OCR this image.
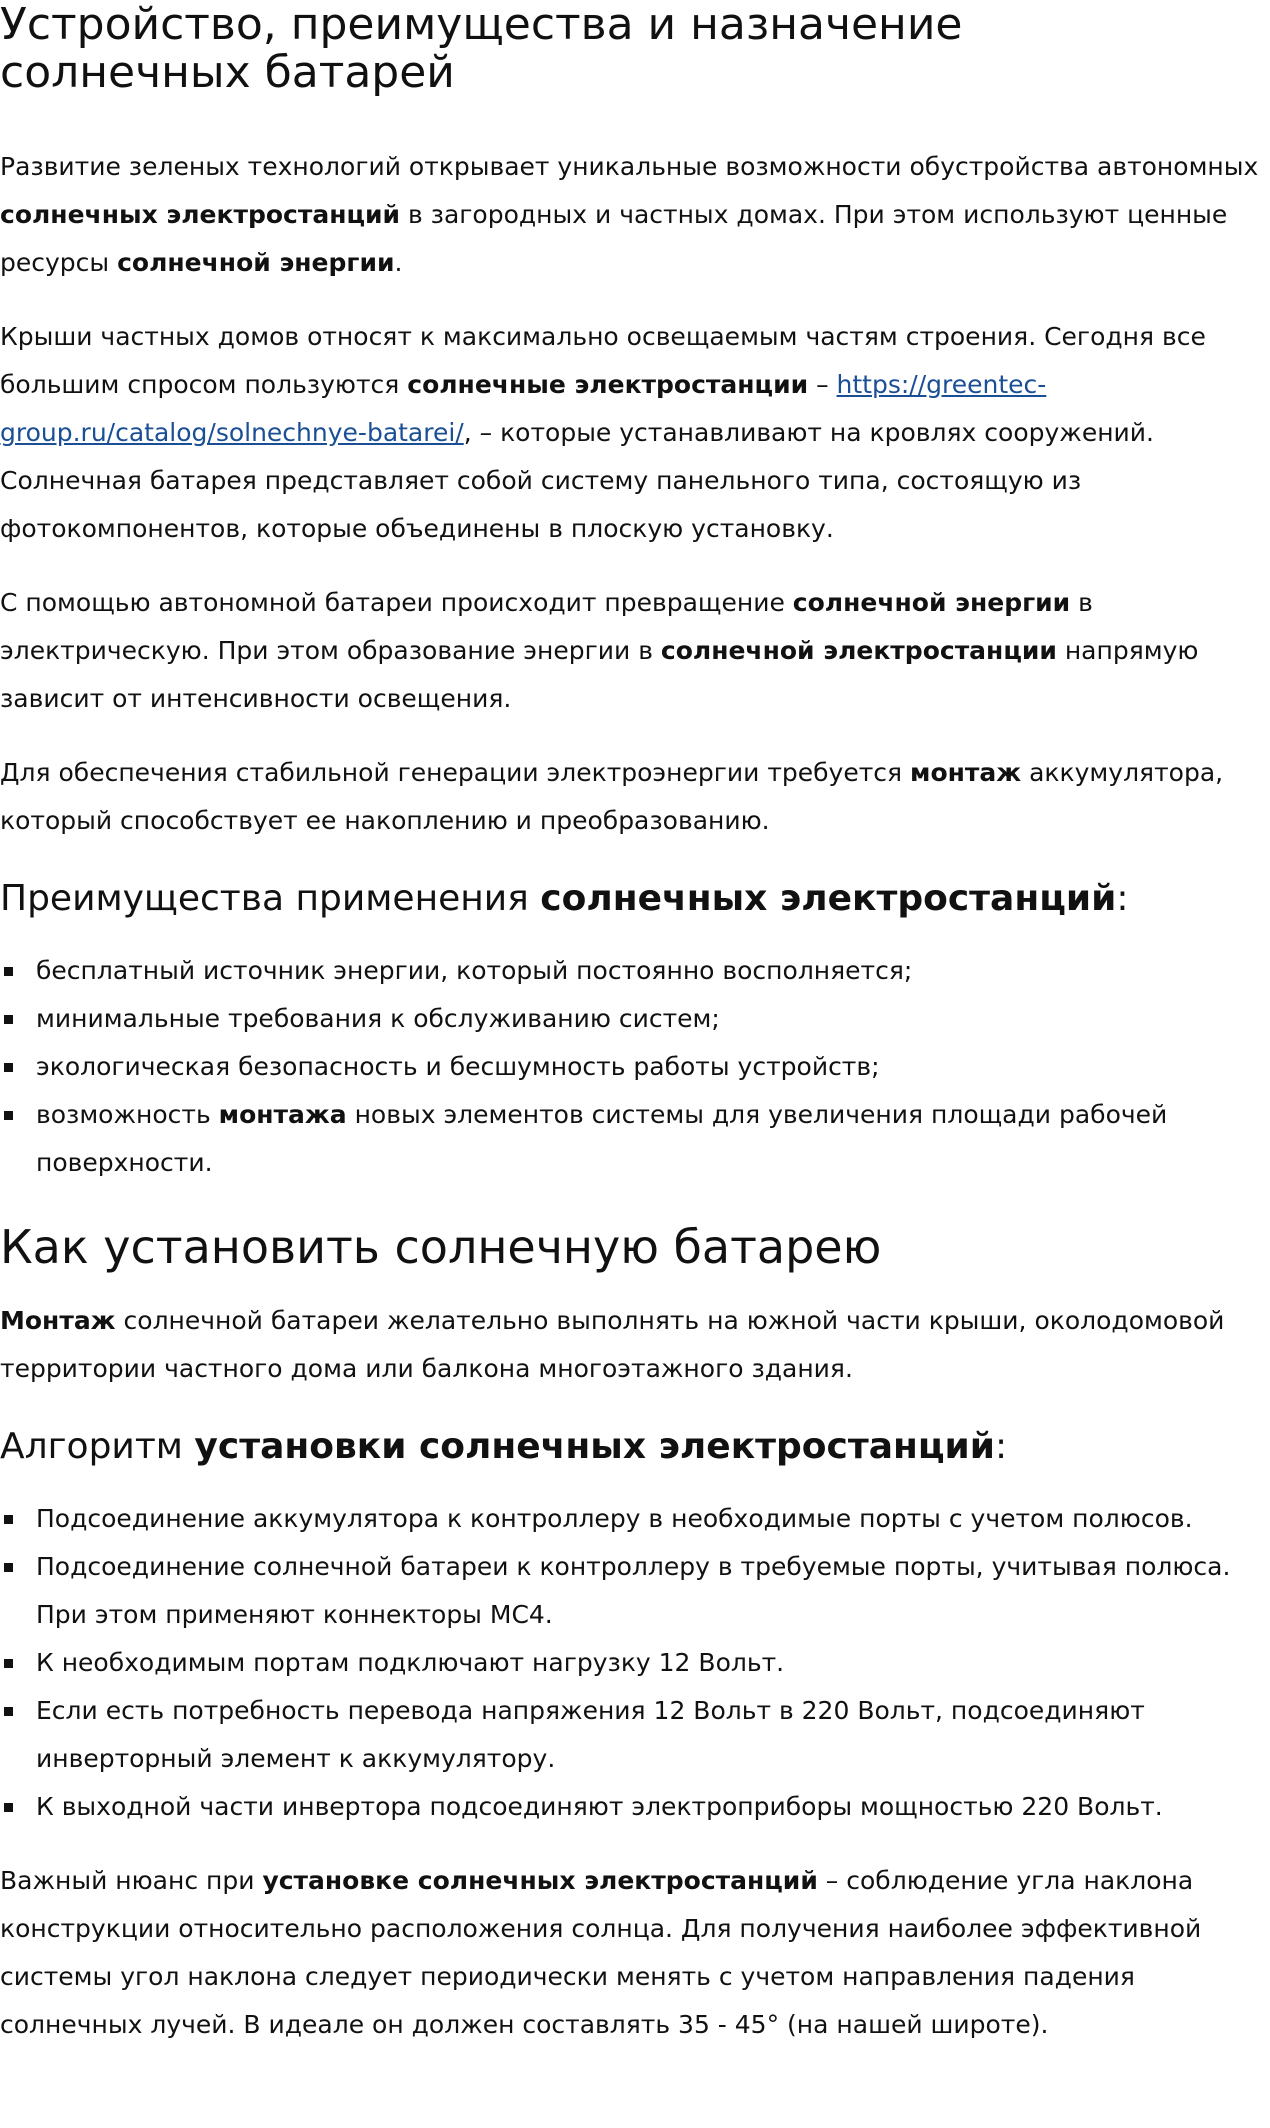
Устройство, преимущества и назначение
солнечных батарей

Развитие зеленых технологий открывает уникальные возможности обустройства автономных солнечных электростанций в загородных и частных домах. При этом используют ценные ресурсы солнечной энергии.

Крыши частных домов относят к максимально освещаемым частям строения. Сегодня все большим спросом пользуются солнечные электростанции – https://greentec-group.ru/catalog/solnechnye-batarei/, – которые устанавливают на кровлях сооружений. Солнечная батарея представляет собой систему панельного типа, состоящую из фотокомпонентов, которые объединены в плоскую установку.

С помощью автономной батареи происходит превращение солнечной энергии в электрическую. При этом образование энергии в солнечной электростанции напрямую зависит от интенсивности освещения.

Для обеспечения стабильной генерации электроэнергии требуется монтаж аккумулятора, который способствует ее накоплению и преобразованию.

Преимущества применения солнечных электростанций:
бесплатный источник энергии, который постоянно восполняется;
минимальные требования к обслуживанию систем;
экологическая безопасность и бесшумность работы устройств;
возможность монтажа новых элементов системы для увеличения площади рабочей поверхности.
Как установить солнечную батарею

Монтаж солнечной батареи желательно выполнять на южной части крыши, околодомовой территории частного дома или балкона многоэтажного здания.

Алгоритм установки солнечных электростанций:
Подсоединение аккумулятора к контроллеру в необходимые порты с учетом полюсов.
Подсоединение солнечной батареи к контроллеру в требуемые порты, учитывая полюса. При этом применяют коннекторы МС4.
К необходимым портам подключают нагрузку 12 Вольт.
Если есть потребность перевода напряжения 12 Вольт в 220 Вольт, подсоединяют инверторный элемент к аккумулятору.
К выходной части инвертора подсоединяют электроприборы мощностью 220 Вольт.

Важный нюанс при установке солнечных электростанций – соблюдение угла наклона конструкции относительно расположения солнца. Для получения наиболее эффективной системы угол наклона следует периодически менять с учетом направления падения солнечных лучей. В идеале он должен составлять 35 - 45° (на нашей широте).
